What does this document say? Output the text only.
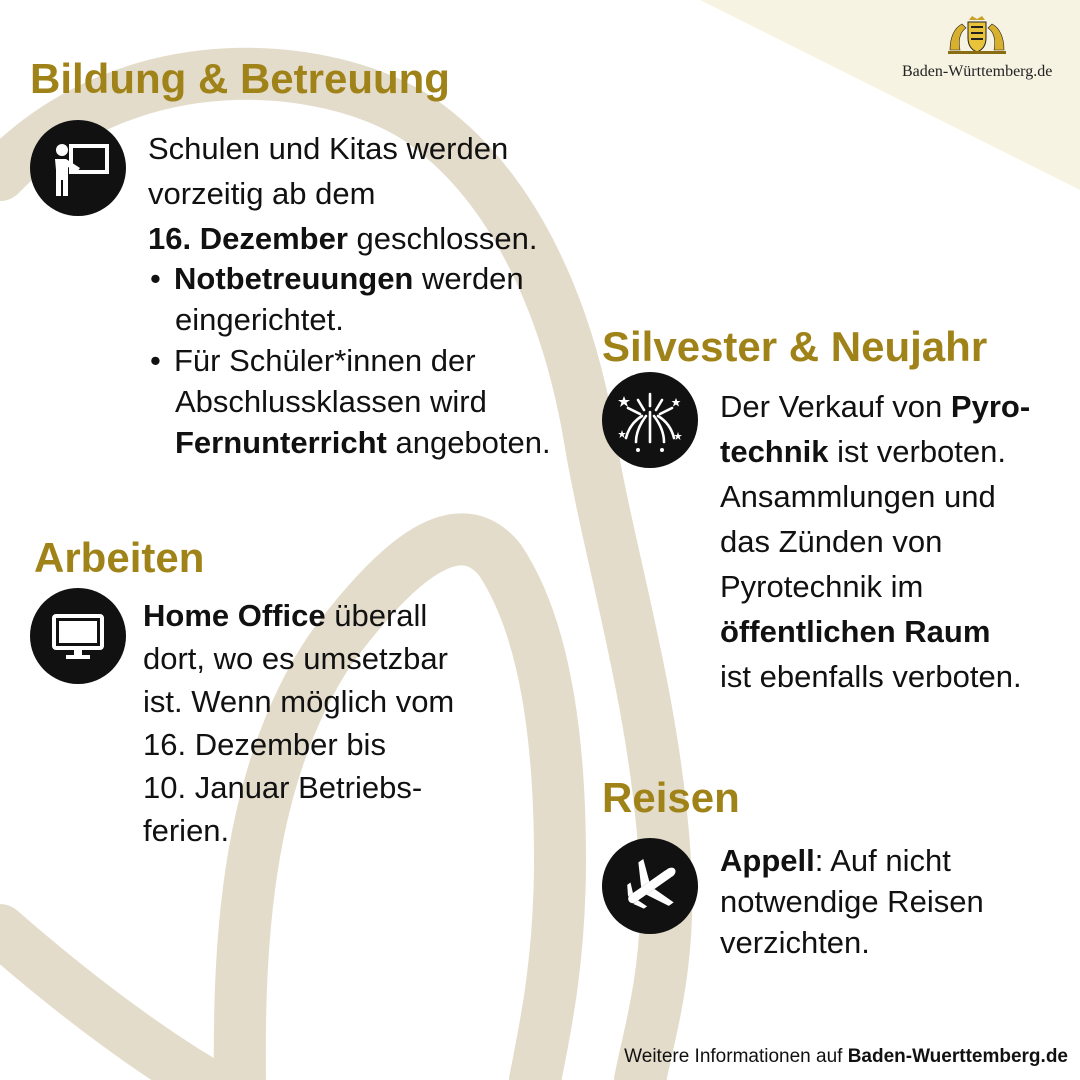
Baden-Württemberg.de
Bildung & Betreuung
Schulen und Kitas werden
vorzeitig ab dem
16. Dezember geschlossen.
• Notbetreuungen werden
eingerichtet.
• Für Schüler*innen der
Abschlussklassen wird
Fernunterricht angeboten.
Arbeiten
Home Office überall
dort, wo es umsetzbar
ist. Wenn möglich vom
16. Dezember bis
10. Januar Betriebs-
ferien.
Silvester & Neujahr
Der Verkauf von Pyro-
technik ist verboten.
Ansammlungen und
das Zünden von
Pyrotechnik im
öffentlichen Raum
ist ebenfalls verboten.
Reisen
Appell: Auf nicht
notwendige Reisen
verzichten.
Weitere Informationen auf Baden-Wuerttemberg.de
